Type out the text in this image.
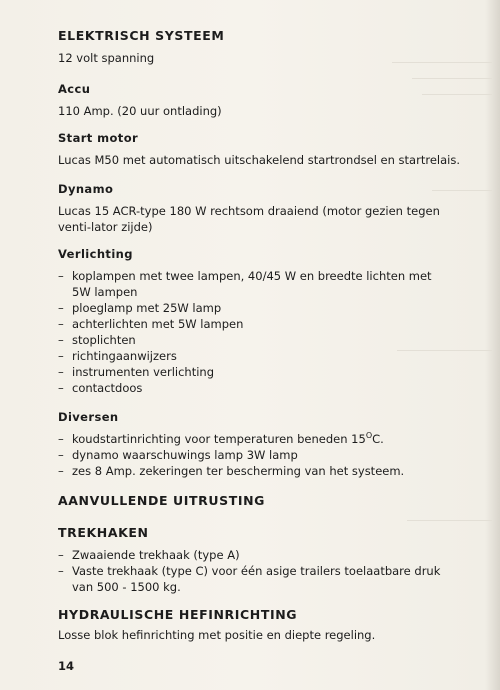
ELEKTRISCH SYSTEEM

12 volt spanning

Accu

110 Amp. (20 uur ontlading)

Start motor

Lucas M50 met automatisch uitschakelend startrondsel en startrelais.

Dynamo

Lucas 15 ACR-type 180 W rechtsom draaiend (motor gezien tegen venti-lator zijde)

Verlichting
– koplampen met twee lampen, 40/45 W en breedte lichten met 5W lampen
– ploeglamp met 25W lamp
– achterlichten met 5W lampen
– stoplichten
– richtingaanwijzers
– instrumenten verlichting
– contactdoos
Diversen
– koudstartinrichting voor temperaturen beneden $15^OC$.
– dynamo waarschuwings lamp 3W lamp
– zes 8 Amp. zekeringen ter bescherming van het systeem.
AANVULLENDE UITRUSTING
TREKHAKEN
– Zwaaiende trekhaak (type A)
– Vaste trekhaak (type C) voor één asige trailers toelaatbare druk van 500 - 1500 kg.
HYDRAULISCHE HEFINRICHTING

Losse blok hefinrichting met positie en diepte regeling.

14
